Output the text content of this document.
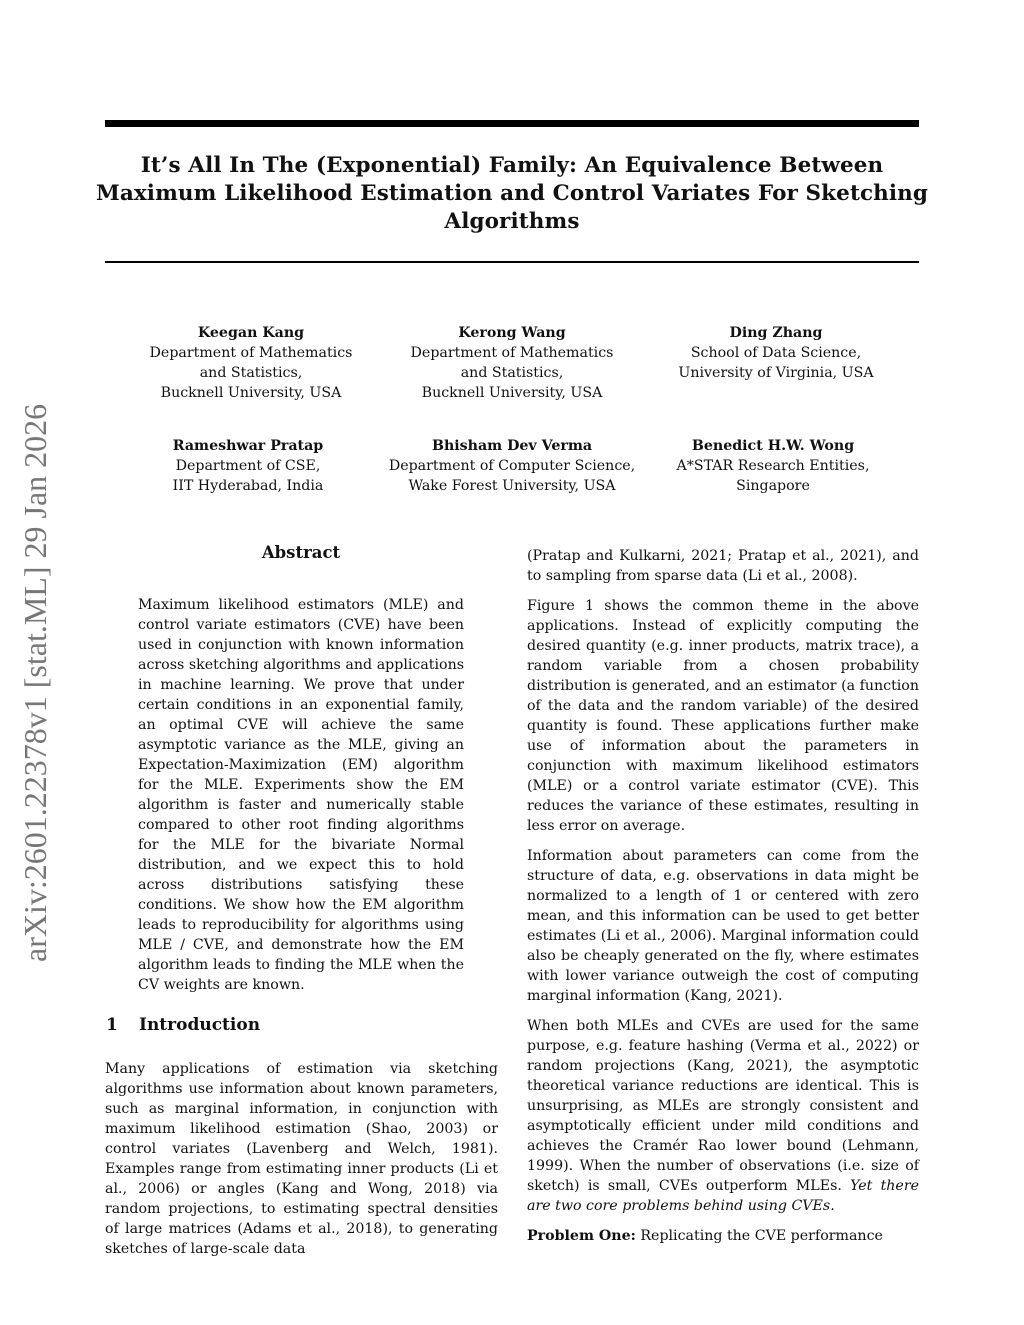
It’s All In The (Exponential) Family: An Equivalence Between Maximum Likelihood Estimation and Control Variates For Sketching Algorithms
arXiv:2601.22378v1 [stat.ML] 29 Jan 2026
Keegan Kang
Department of Mathematics
and Statistics,
Bucknell University, USA
Kerong Wang
Department of Mathematics
and Statistics,
Bucknell University, USA
Ding Zhang
School of Data Science,
University of Virginia, USA
Rameshwar Pratap
Department of CSE,
IIT Hyderabad, India
Bhisham Dev Verma
Department of Computer Science,
Wake Forest University, USA
Benedict H.W. Wong
A*STAR Research Entities,
Singapore
Abstract

Maximum likelihood estimators (MLE) and control variate estimators (CVE) have been used in conjunction with known information across sketching algorithms and applications in machine learning. We prove that under certain conditions in an exponential family, an optimal CVE will achieve the same asymptotic variance as the MLE, giving an Expectation-Maximization (EM) algorithm for the MLE. Experiments show the EM algorithm is faster and numerically stable compared to other root finding algorithms for the MLE for the bivariate Normal distribution, and we expect this to hold across distributions satisfying these conditions. We show how the EM algorithm leads to reproducibility for algorithms using MLE / CVE, and demonstrate how the EM algorithm leads to finding the MLE when the CV weights are known.

1 Introduction

Many applications of estimation via sketching algorithms use information about known parameters, such as marginal information, in conjunction with maximum likelihood estimation (Shao, 2003) or control variates (Lavenberg and Welch, 1981). Examples range from estimating inner products (Li et al., 2006) or angles (Kang and Wong, 2018) via random projections, to estimating spectral densities of large matrices (Adams et al., 2018), to generating sketches of large-scale data

(Pratap and Kulkarni, 2021; Pratap et al., 2021), and to sampling from sparse data (Li et al., 2008).

Figure 1 shows the common theme in the above applications. Instead of explicitly computing the desired quantity (e.g. inner products, matrix trace), a random variable from a chosen probability distribution is generated, and an estimator (a function of the data and the random variable) of the desired quantity is found. These applications further make use of information about the parameters in conjunction with maximum likelihood estimators (MLE) or a control variate estimator (CVE). This reduces the variance of these estimates, resulting in less error on average.

Information about parameters can come from the structure of data, e.g. observations in data might be normalized to a length of 1 or centered with zero mean, and this information can be used to get better estimates (Li et al., 2006). Marginal information could also be cheaply generated on the fly, where estimates with lower variance outweigh the cost of computing marginal information (Kang, 2021).

When both MLEs and CVEs are used for the same purpose, e.g. feature hashing (Verma et al., 2022) or random projections (Kang, 2021), the asymptotic theoretical variance reductions are identical. This is unsurprising, as MLEs are strongly consistent and asymptotically efficient under mild conditions and achieves the Cramér Rao lower bound (Lehmann, 1999). When the number of observations (i.e. size of sketch) is small, CVEs outperform MLEs. Yet there are two core problems behind using CVEs.

Problem One: Replicating the CVE performance
